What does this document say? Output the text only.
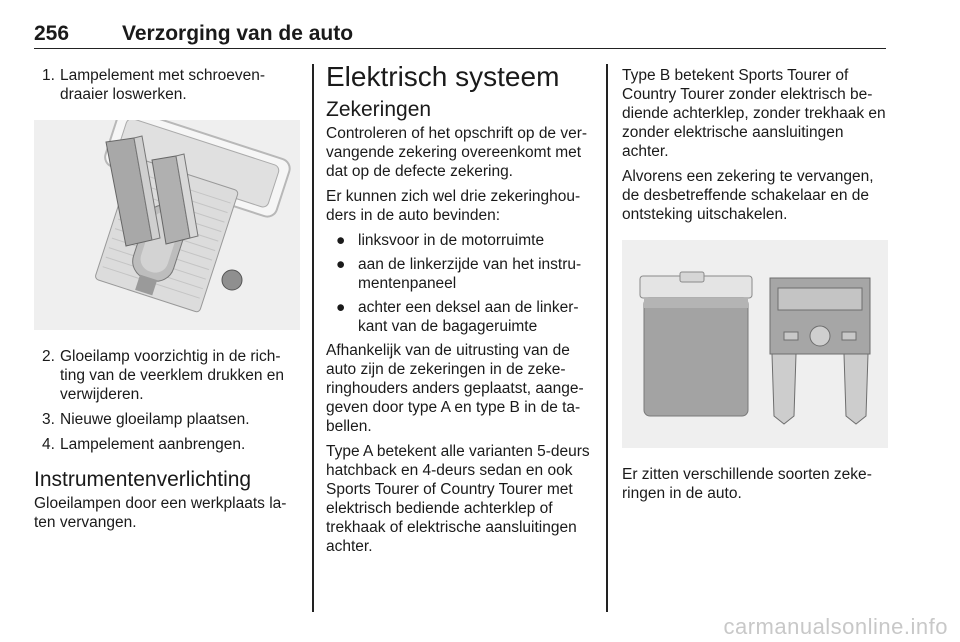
256	Verzorging van de auto
1. Lampelement met schroevendraaier loswerken.
2. Gloeilamp voorzichtig in de richting van de veerklem drukken en verwijderen.
3. Nieuwe gloeilamp plaatsen.
4. Lampelement aanbrengen.
Instrumentenverlichting

Gloeilampen door een werkplaats laten vervangen.

Elektrisch systeem
Zekeringen

Controleren of het opschrift op de vervangende zekering overeenkomt met dat op de defecte zekering.

Er kunnen zich wel drie zekeringhouders in de auto bevinden:

● linksvoor in de motorruimte
● aan de linkerzijde van het instrumentenpaneel
● achter een deksel aan de linkerkant van de bagageruimte

Afhankelijk van de uitrusting van de auto zijn de zekeringen in de zekeringhouders anders geplaatst, aangegeven door type A en type B in de tabellen.

Type A betekent alle varianten 5-deurs hatchback en 4-deurs sedan en ook Sports Tourer of Country Tourer met elektrisch bediende achterklep of trekhaak of elektrische aansluitingen achter.

Type B betekent Sports Tourer of Country Tourer zonder elektrisch bediende achterklep, zonder trekhaak en zonder elektrische aansluitingen achter.

Alvorens een zekering te vervangen, de desbetreffende schakelaar en de ontsteking uitschakelen.

Er zitten verschillende soorten zekeringen in de auto.

carmanualsonline.info
